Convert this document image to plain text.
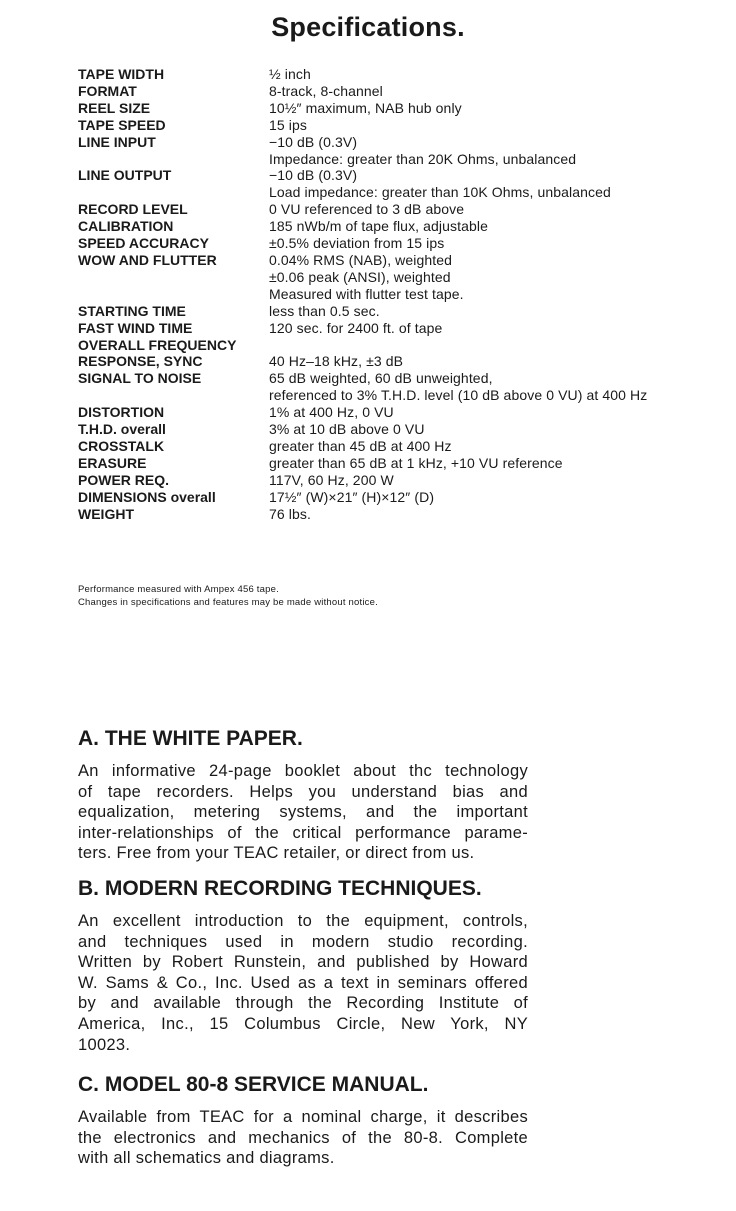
Specifications.
TAPE WIDTH	½ inch
FORMAT	8-track, 8-channel
REEL SIZE	10½″ maximum, NAB hub only
TAPE SPEED	15 ips
LINE INPUT	−10 dB (0.3V)
Impedance: greater than 20K Ohms, unbalanced
LINE OUTPUT	−10 dB (0.3V)
Load impedance: greater than 10K Ohms, unbalanced
RECORD LEVEL	0 VU referenced to 3 dB above
CALIBRATION	185 nWb/m of tape flux, adjustable
SPEED ACCURACY	±0.5% deviation from 15 ips
WOW AND FLUTTER	0.04% RMS (NAB), weighted
±0.06 peak (ANSI), weighted
Measured with flutter test tape.
STARTING TIME	less than 0.5 sec.
FAST WIND TIME	120 sec. for 2400 ft. of tape
OVERALL FREQUENCY

RESPONSE, SYNC	40 Hz–18 kHz, ±3 dB
SIGNAL TO NOISE	65 dB weighted, 60 dB unweighted,
referenced to 3% T.H.D. level (10 dB above 0 VU) at 400 Hz
DISTORTION	1% at 400 Hz, 0 VU
T.H.D. overall	3% at 10 dB above 0 VU
CROSSTALK	greater than 45 dB at 400 Hz
ERASURE	greater than 65 dB at 1 kHz, +10 VU reference
POWER REQ.	117V, 60 Hz, 200 W
DIMENSIONS overall	17½″ (W)×21″ (H)×12″ (D)
WEIGHT	76 lbs.
Performance measured with Ampex 456 tape.
Changes in specifications and features may be made without notice.
A. THE WHITE PAPER.
An informative 24-page booklet about thc technology
of tape recorders. Helps you understand bias and
equalization, metering systems, and the important
inter-relationships of the critical performance parame-
ters. Free from your TEAC retailer, or direct from us.
B. MODERN RECORDING TECHNIQUES.
An excellent introduction to the equipment, controls,
and techniques used in modern studio recording.
Written by Robert Runstein, and published by Howard
W. Sams & Co., Inc. Used as a text in seminars offered
by and available through the Recording Institute of
America, Inc., 15 Columbus Circle, New York, NY
10023.
C. MODEL 80-8 SERVICE MANUAL.
Available from TEAC for a nominal charge, it describes
the electronics and mechanics of the 80-8. Complete
with all schematics and diagrams.
